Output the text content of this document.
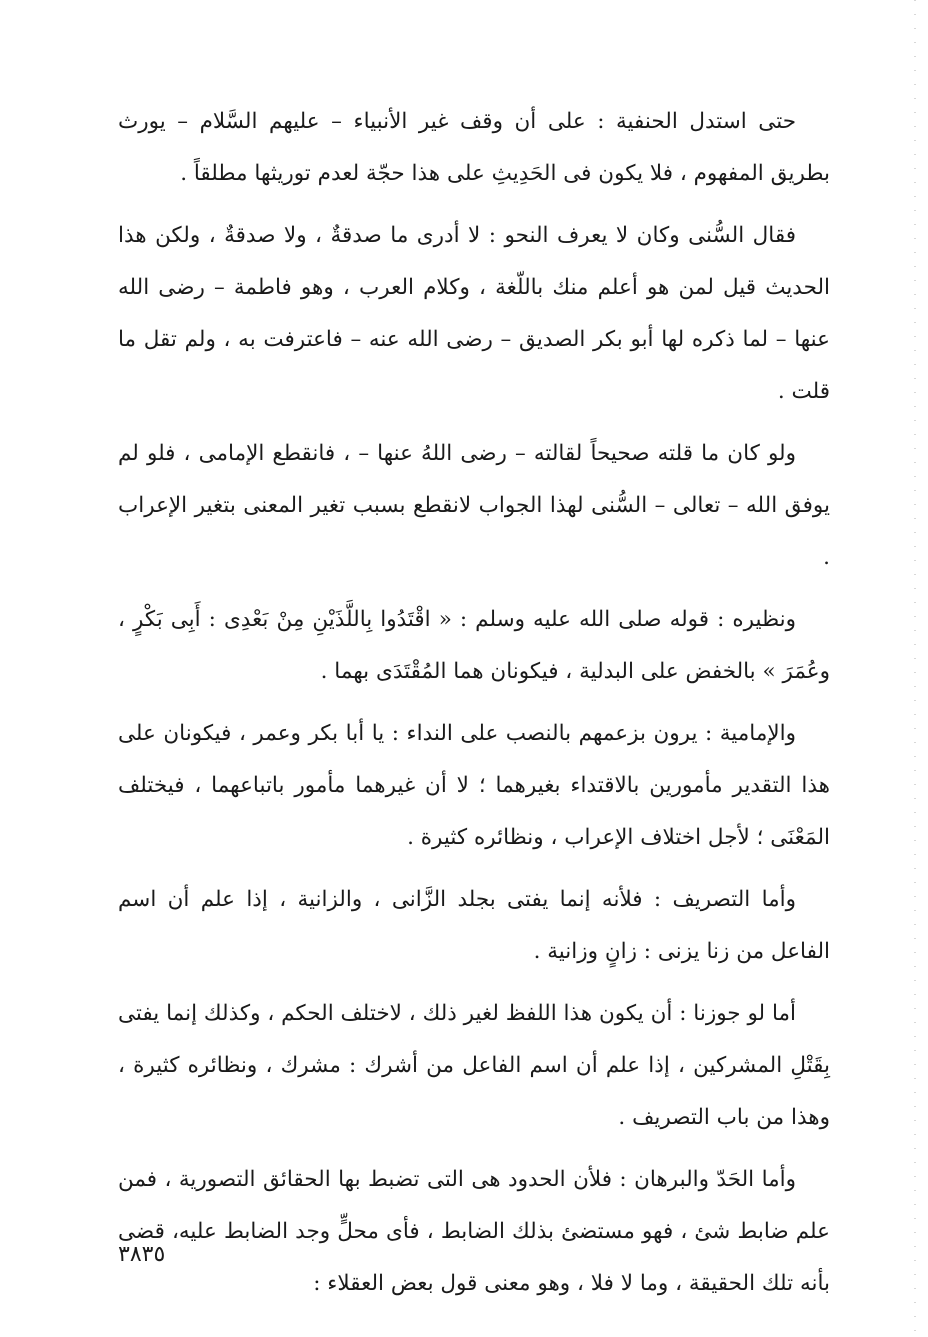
حتى استدل الحنفية : على أن وقف غير الأنبياء – عليهم السَّلام – يورث بطريق المفهوم ، فلا يكون فى الحَدِيثِ على هذا حجّة لعدم توريثها مطلقاً .

فقال السُّنى وكان لا يعرف النحو : لا أدرى ما صدقةٌ ، ولا صدقةٌ ، ولكن هذا الحديث قيل لمن هو أعلم منك باللّغة ، وكلام العرب ، وهو فاطمة – رضى الله عنها – لما ذكره لها أبو بكر الصديق – رضى الله عنه – فاعترفت به ، ولم تقل ما قلت .

ولو كان ما قلته صحيحاً لقالته – رضى اللهُ عنها – ، فانقطع الإمامى ، فلو لم يوفق الله – تعالى – السُّنى لهذا الجواب لانقطع بسبب تغير المعنى بتغير الإعراب .

ونظيره : قوله صلى الله عليه وسلم : « اقْتَدُوا بِاللَّذَيْنِ مِنْ بَعْدِى : أَبِى بَكْرٍ ، وعُمَرَ » بالخفض على البدلية ، فيكونان هما المُقْتَدَى بهما .

والإمامية : يرون بزعمهم بالنصب على النداء : يا أبا بكر وعمر ، فيكونان على هذا التقدير مأمورين بالاقتداء بغيرهما ؛ لا أن غيرهما مأمور باتباعهما ، فيختلف المَعْنَى ؛ لأجل اختلاف الإعراب ، ونظائره كثيرة .

وأما التصريف : فلأنه إنما يفتى بجلد الزَّانى ، والزانية ، إذا علم أن اسم الفاعل من زنا يزنى : زانٍ وزانية .

أما لو جوزنا : أن يكون هذا اللفظ لغير ذلك ، لاختلف الحكم ، وكذلك إنما يفتى بِقَتْلِ المشركين ، إذا علم أن اسم الفاعل من أشرك : مشرك ، ونظائره كثيرة ، وهذا من باب التصريف .

وأما الحَدّ والبرهان : فلأن الحدود هى التى تضبط بها الحقائق التصورية ، فمن علم ضابط شئ ، فهو مستضئ بذلك الضابط ، فأى محلٍّ وجد الضابط عليه، قضى بأنه تلك الحقيقة ، وما لا فلا ، وهو معنى قول بعض العقلاء :

٣٨٣٥
